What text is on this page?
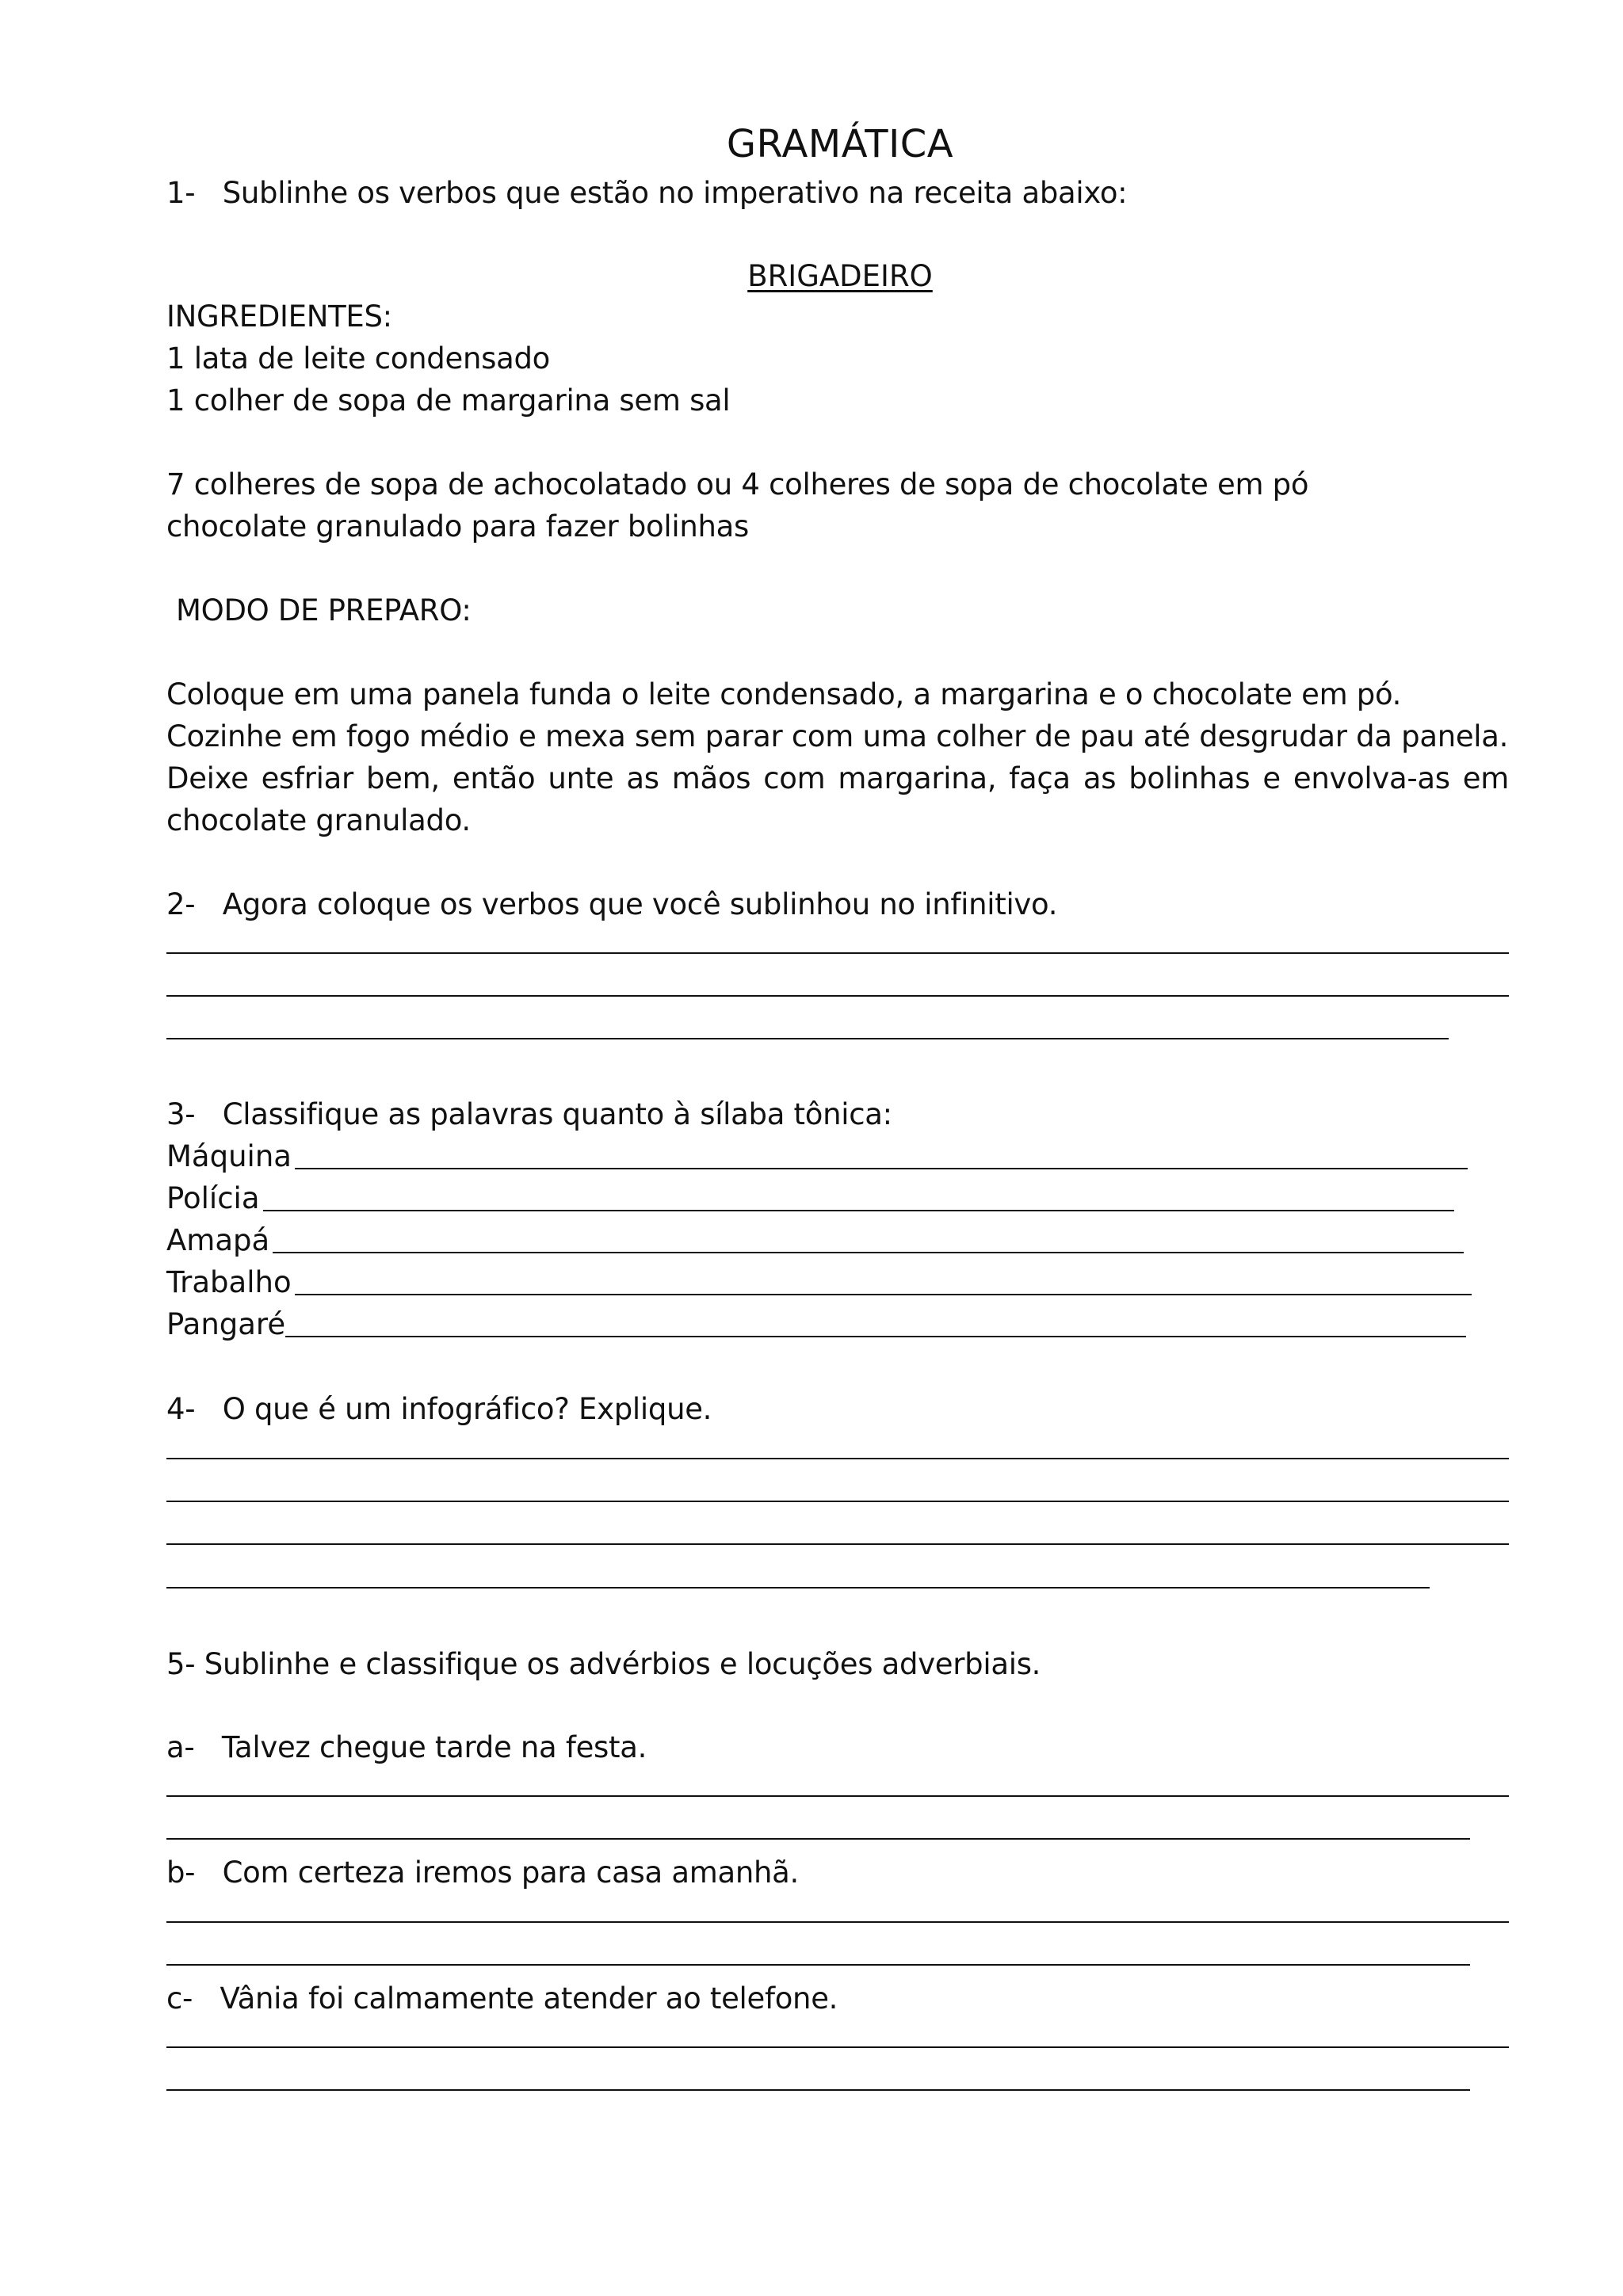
GRAMÁTICA
1- Sublinhe os verbos que estão no imperativo na receita abaixo:
BRIGADEIRO
INGREDIENTES:
1 lata de leite condensado
1 colher de sopa de margarina sem sal
7 colheres de sopa de achocolatado ou 4 colheres de sopa de chocolate em pó
chocolate granulado para fazer bolinhas
MODO DE PREPARO:
Coloque em uma panela funda o leite condensado, a margarina e o chocolate em pó.
Cozinhe em fogo médio e mexa sem parar com uma colher de pau até desgrudar da panela.
Deixe esfriar bem, então unte as mãos com margarina, faça as bolinhas e envolva-as em
chocolate granulado.
2- Agora coloque os verbos que você sublinhou no infinitivo.
3- Classifique as palavras quanto à sílaba tônica:
Máquina
Polícia
Amapá
Trabalho
Pangaré
4- O que é um infográfico? Explique.
5- Sublinhe e classifique os advérbios e locuções adverbiais.
a- Talvez chegue tarde na festa.
b- Com certeza iremos para casa amanhã.
c- Vânia foi calmamente atender ao telefone.
